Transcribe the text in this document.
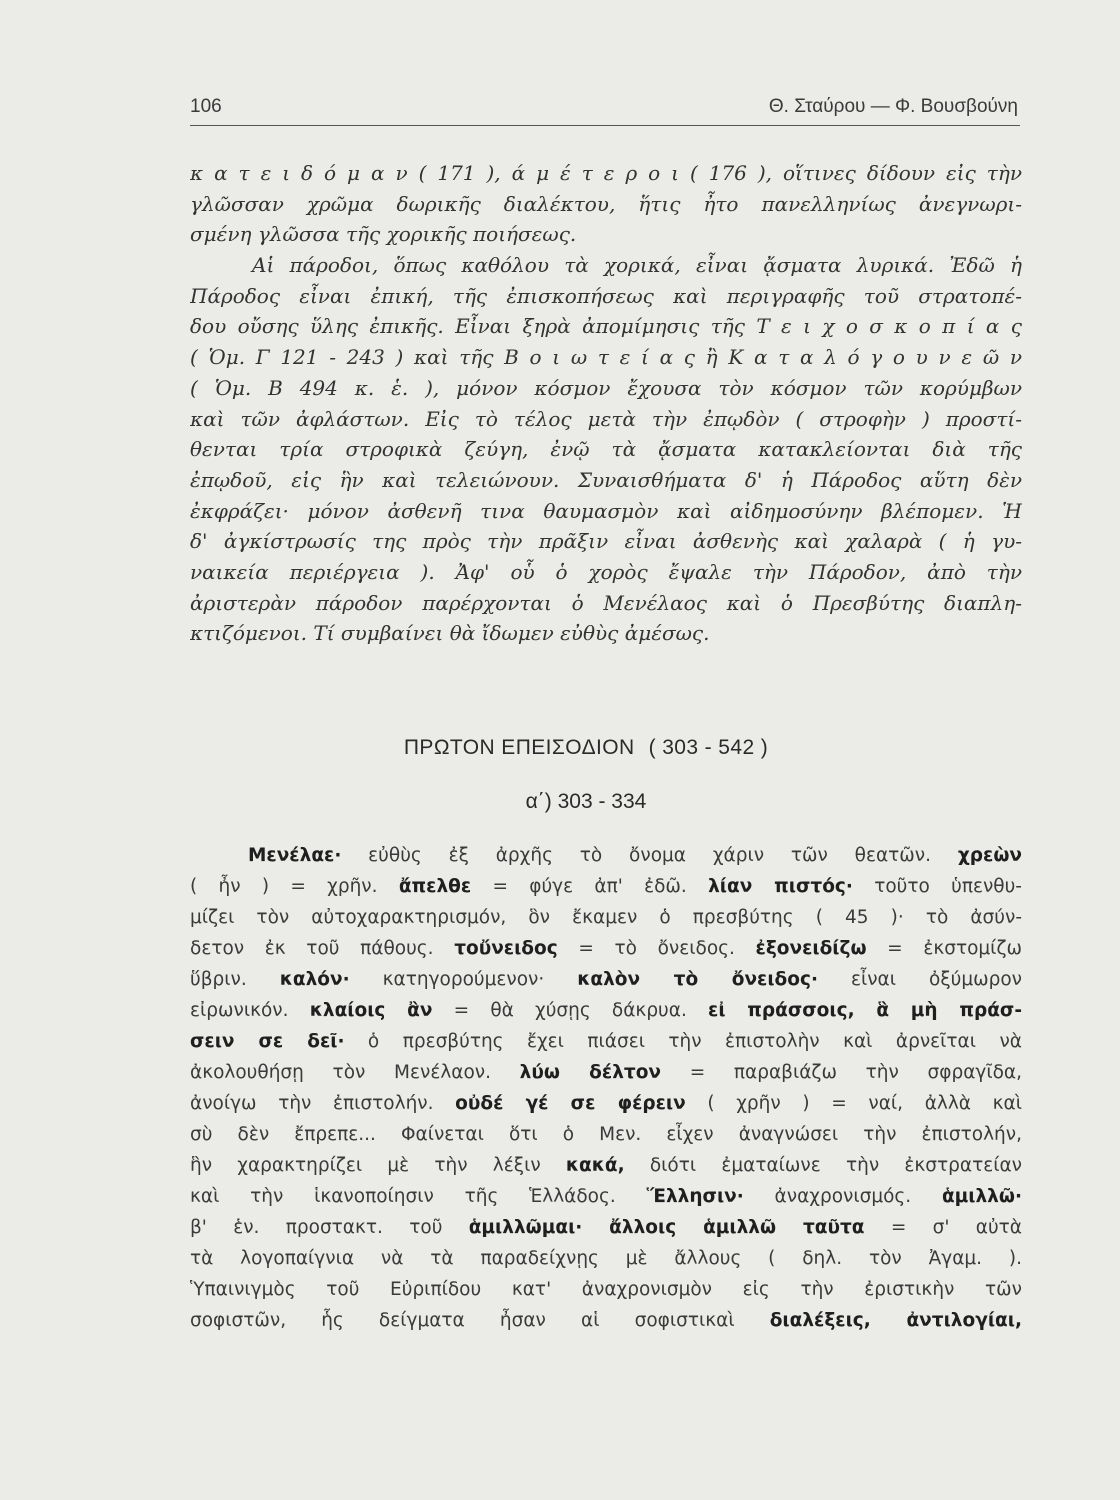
106	Θ. Σταύρου — Φ. Βουσβούνη
κ α τ ε ι δ ό μ α ν ( 171 ), ά μ έ τ ε ρ ο ι ( 176 ), οἵτινες δίδουν εἰς τὴν
γλῶσσαν χρῶμα δωρικῆς διαλέκτου, ἥτις ἦτο πανελληνίως ἀνεγνωρι-
σμένη γλῶσσα τῆς χορικῆς ποιήσεως.
Αἱ πάροδοι, ὅπως καθόλου τὰ χορικά, εἶναι ᾄσματα λυρικά. Ἐδῶ ἡ
Πάροδος εἶναι ἐπική, τῆς ἐπισκοπήσεως καὶ περιγραφῆς τοῦ στρατοπέ-
δου οὔσης ὕλης ἐπικῆς. Εἶναι ξηρὰ ἀπομίμησις τῆς Τ ε ι χ ο σ κ ο π ί α ς
( Ὁμ. Γ 121 - 243 ) καὶ τῆς Β ο ι ω τ ε ί α ς ἢ Κ α τ α λ ό γ ο υ ν ε ῶ ν
( Ὁμ. Β 494 κ. ἑ. ), μόνον κόσμον ἔχουσα τὸν κόσμον τῶν κορύμβων
καὶ τῶν ἀφλάστων. Εἰς τὸ τέλος μετὰ τὴν ἐπῳδὸν ( στροφὴν ) προστί-
θενται τρία στροφικὰ ζεύγη, ἐνῷ τὰ ᾄσματα κατακλείονται διὰ τῆς
ἐπῳδοῦ, εἰς ἣν καὶ τελειώνουν. Συναισθήματα δ' ἡ Πάροδος αὕτη δὲν
ἐκφράζει· μόνον ἀσθενῆ τινα θαυμασμὸν καὶ αἰδημοσύνην βλέπομεν. Ἡ
δ' ἀγκίστρωσίς της πρὸς τὴν πρᾶξιν εἶναι ἀσθενὴς καὶ χαλαρὰ ( ἡ γυ-
ναικεία περιέργεια ). Ἀφ' οὗ ὁ χορὸς ἔψαλε τὴν Πάροδον, ἀπὸ τὴν
ἀριστερὰν πάροδον παρέρχονται ὁ Μενέλαος καὶ ὁ Πρεσβύτης διαπλη-
κτιζόμενοι. Τί συμβαίνει θὰ ἴδωμεν εὐθὺς ἀμέσως.
ΠΡΩΤΟΝ ΕΠΕΙΣΟΔΙΟΝ ( 303 - 542 )
α΄) 303 - 334
Μενέλαε· εὐθὺς ἐξ ἀρχῆς τὸ ὄνομα χάριν τῶν θεατῶν. χρεὼν
( ἦν ) = χρῆν. ἄπελθε = φύγε ἀπ' ἐδῶ. λίαν πιστός· τοῦτο ὑπενθυ-
μίζει τὸν αὐτοχαρακτηρισμόν, ὃν ἔκαμεν ὁ πρεσβύτης ( 45 )· τὸ ἀσύν-
δετον ἐκ τοῦ πάθους. τοὔνειδος = τὸ ὄνειδος. ἐξονειδίζω = ἐκστομίζω
ὕβριν. καλόν· κατηγορούμενον· καλὸν τὸ ὄνειδος· εἶναι ὀξύμωρον
εἰρωνικόν. κλαίοις ἂν = θὰ χύσῃς δάκρυα. εἰ πράσσοις, ἃ μὴ πράσ-
σειν σε δεῖ· ὁ πρεσβύτης ἔχει πιάσει τὴν ἐπιστολὴν καὶ ἀρνεῖται νὰ
ἀκολουθήσῃ τὸν Μενέλαον. λύω δέλτον = παραβιάζω τὴν σφραγῖδα,
ἀνοίγω τὴν ἐπιστολήν. οὐδέ γέ σε φέρειν ( χρῆν ) = ναί, ἀλλὰ καὶ
σὺ δὲν ἔπρεπε... Φαίνεται ὅτι ὁ Μεν. εἶχεν ἀναγνώσει τὴν ἐπιστολήν,
ἣν χαρακτηρίζει μὲ τὴν λέξιν κακά, διότι ἐματαίωνε τὴν ἐκστρατείαν
καὶ τὴν ἱκανοποίησιν τῆς Ἑλλάδος. Ἕλλησιν· ἀναχρονισμός. ἁμιλλῶ·
β' ἑν. προστακτ. τοῦ ἁμιλλῶμαι· ἄλλοις ἁμιλλῶ ταῦτα = σ' αὐτὰ
τὰ λογοπαίγνια νὰ τὰ παραδείχνῃς μὲ ἄλλους ( δηλ. τὸν Ἀγαμ. ).
Ὑπαινιγμὸς τοῦ Εὐριπίδου κατ' ἀναχρονισμὸν εἰς τὴν ἐριστικὴν τῶν
σοφιστῶν, ἧς δείγματα ἦσαν αἱ σοφιστικαὶ διαλέξεις, ἀντιλογίαι,
